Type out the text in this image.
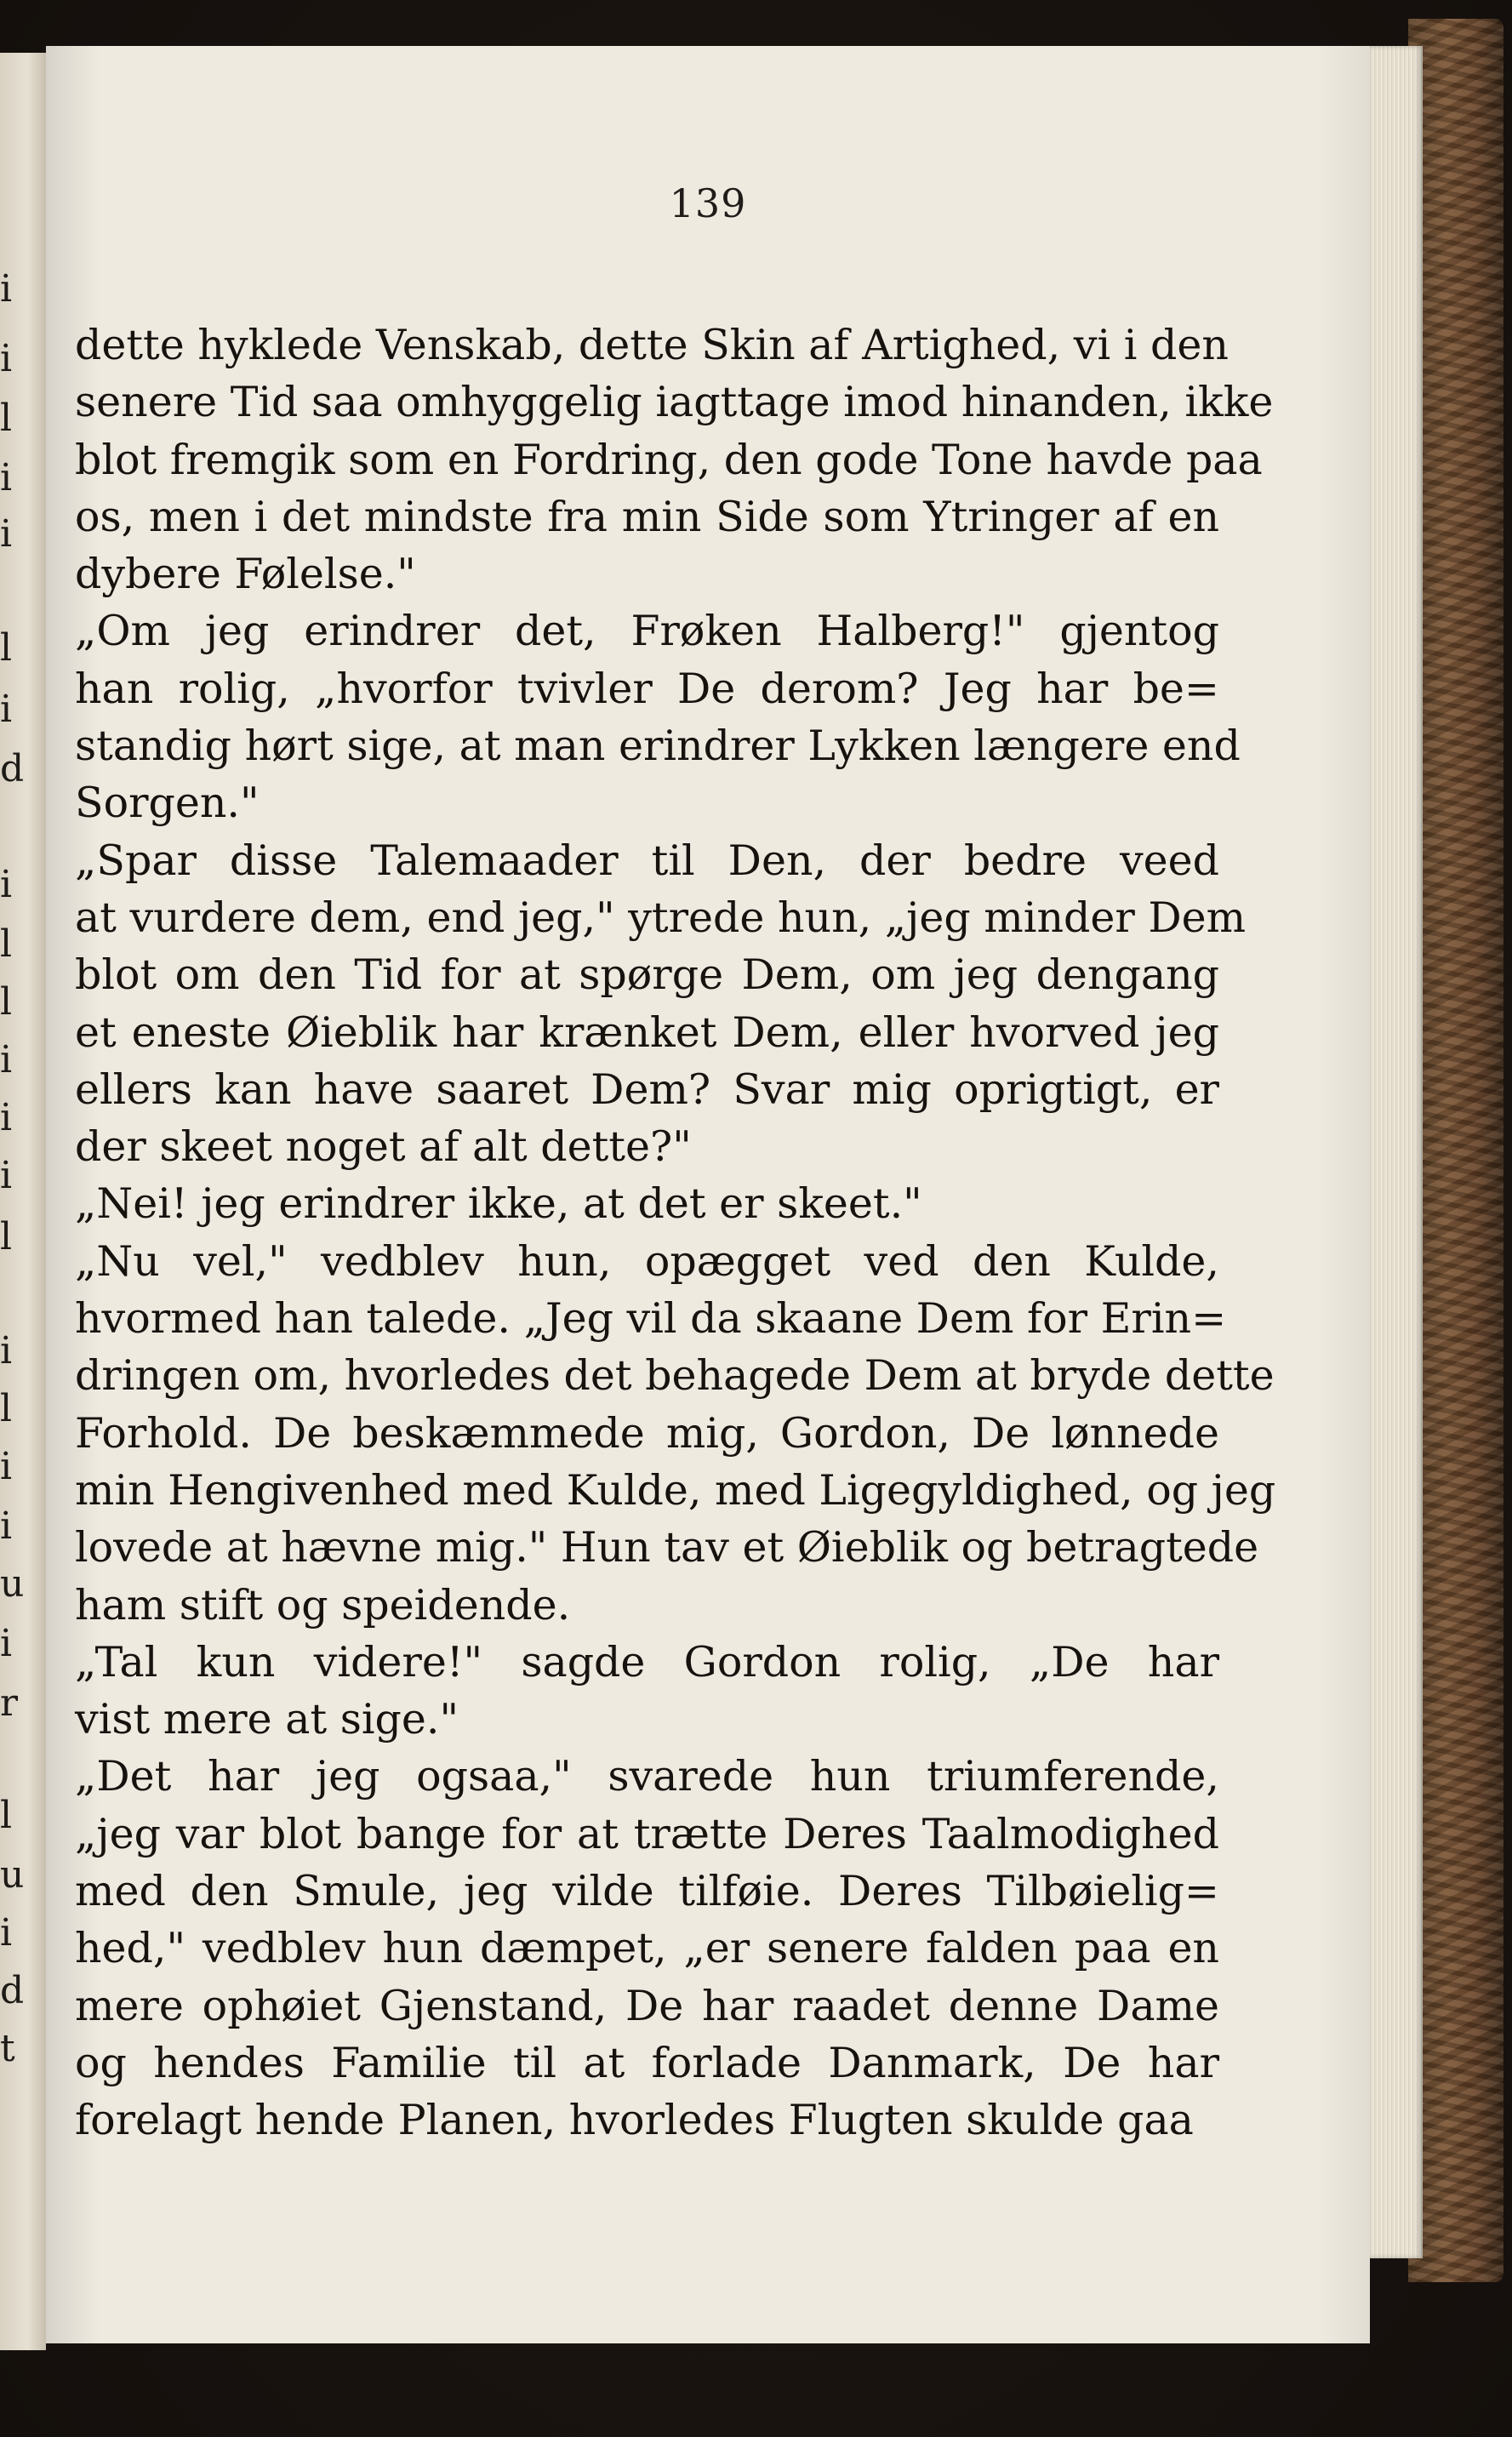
i
i
l
i
i
l
i
d
i
l
l
i
i
i
l
i
l
i
i
u
i
r
l
u
i
d
t
139
dette hyklede Venskab, dette Skin af Artighed, vi i den
senere Tid saa omhyggelig iagttage imod hinanden, ikke
blot fremgik som en Fordring, den gode Tone havde paa
os, men i det mindste fra min Side som Ytringer af en
dybere Følelse."
„Om jeg erindrer det, Frøken Halberg!" gjentog
han rolig, „hvorfor tvivler De derom? Jeg har be=
standig hørt sige, at man erindrer Lykken længere end
Sorgen."
„Spar disse Talemaader til Den, der bedre veed
at vurdere dem, end jeg," ytrede hun, „jeg minder Dem
blot om den Tid for at spørge Dem, om jeg dengang
et eneste Øieblik har krænket Dem, eller hvorved jeg
ellers kan have saaret Dem? Svar mig oprigtigt, er
der skeet noget af alt dette?"
„Nei! jeg erindrer ikke, at det er skeet."
„Nu vel," vedblev hun, opægget ved den Kulde,
hvormed han talede. „Jeg vil da skaane Dem for Erin=
dringen om, hvorledes det behagede Dem at bryde dette
Forhold. De beskæmmede mig, Gordon, De lønnede
min Hengivenhed med Kulde, med Ligegyldighed, og jeg
lovede at hævne mig." Hun tav et Øieblik og betragtede
ham stift og speidende.
„Tal kun videre!" sagde Gordon rolig, „De har
vist mere at sige."
„Det har jeg ogsaa," svarede hun triumferende,
„jeg var blot bange for at trætte Deres Taalmodighed
med den Smule, jeg vilde tilføie. Deres Tilbøielig=
hed," vedblev hun dæmpet, „er senere falden paa en
mere ophøiet Gjenstand, De har raadet denne Dame
og hendes Familie til at forlade Danmark, De har
forelagt hende Planen, hvorledes Flugten skulde gaa
